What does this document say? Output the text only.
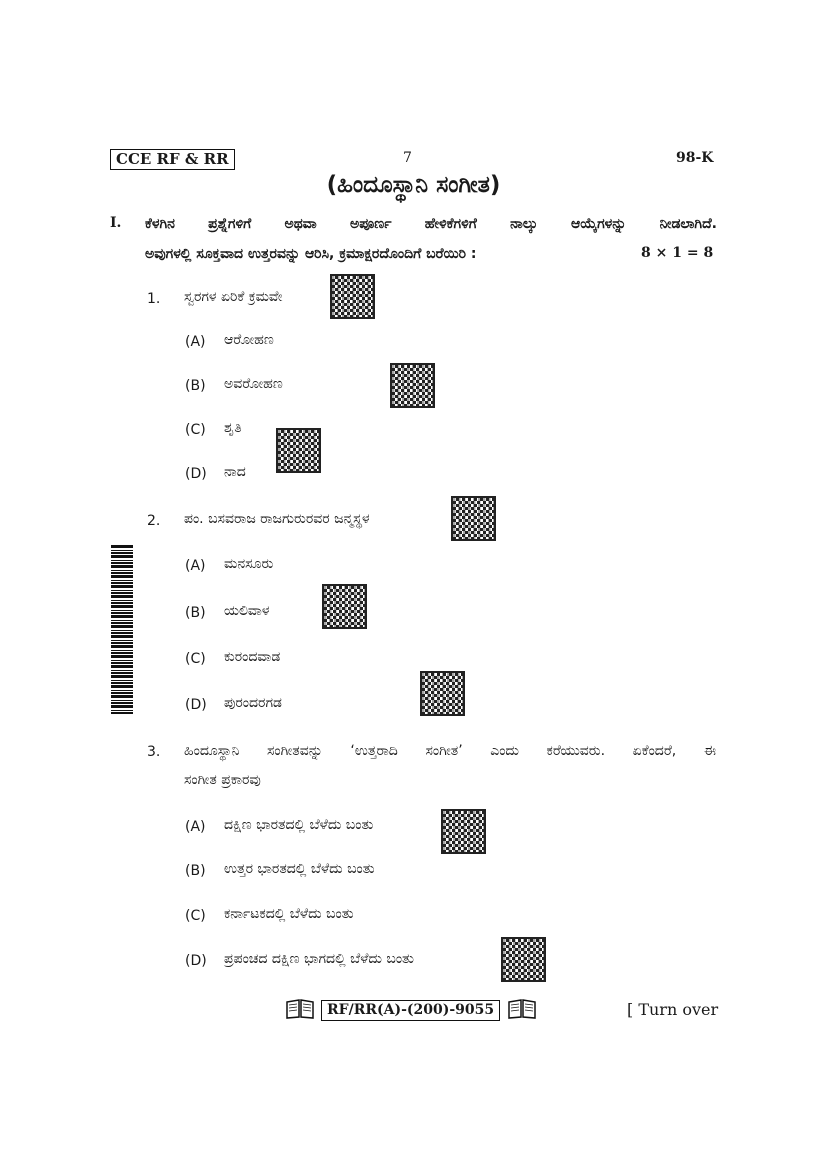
CCE RF & RR	7	98-K
(ಹಿಂದೂಸ್ಥಾನಿ ಸಂಗೀತ)
I. ಕೆಳಗಿನ ಪ್ರಶ್ನೆಗಳಿಗೆ ಅಥವಾ ಅಪೂರ್ಣ ಹೇಳಿಕೆಗಳಿಗೆ ನಾಲ್ಕು ಆಯ್ಕೆಗಳನ್ನು ನೀಡಲಾಗಿದೆ.
ಅವುಗಳಲ್ಲಿ ಸೂಕ್ತವಾದ ಉತ್ತರವನ್ನು ಆರಿಸಿ, ಕ್ರಮಾಕ್ಷರದೊಂದಿಗೆ ಬರೆಯಿರಿ :	8 × 1 = 8
1. ಸ್ವರಗಳ ಏರಿಕೆ ಕ್ರಮವೇ
(A) ಆರೋಹಣ
(B) ಅವರೋಹಣ
(C) ಶೃತಿ
(D) ನಾದ
2. ಪಂ. ಬಸವರಾಜ ರಾಜಗುರುರವರ ಜನ್ಮಸ್ಥಳ
(A) ಮನಸೂರು
(B) ಯಲಿವಾಳ
(C) ಕುರಂದವಾಡ
(D) ಪುರಂದರಗಡ
3. ಹಿಂದೂಸ್ಥಾನಿ ಸಂಗೀತವನ್ನು ‘ಉತ್ತರಾದಿ ಸಂಗೀತ’ ಎಂದು ಕರೆಯುವರು. ಏಕೆಂದರೆ, ಈ
ಸಂಗೀತ ಪ್ರಕಾರವು
(A) ದಕ್ಷಿಣ ಭಾರತದಲ್ಲಿ ಬೆಳೆದು ಬಂತು
(B) ಉತ್ತರ ಭಾರತದಲ್ಲಿ ಬೆಳೆದು ಬಂತು
(C) ಕರ್ನಾಟಕದಲ್ಲಿ ಬೆಳೆದು ಬಂತು
(D) ಪ್ರಪಂಚದ ದಕ್ಷಿಣ ಭಾಗದಲ್ಲಿ ಬೆಳೆದು ಬಂತು
RF/RR(A)-(200)-9055	[ Turn over
